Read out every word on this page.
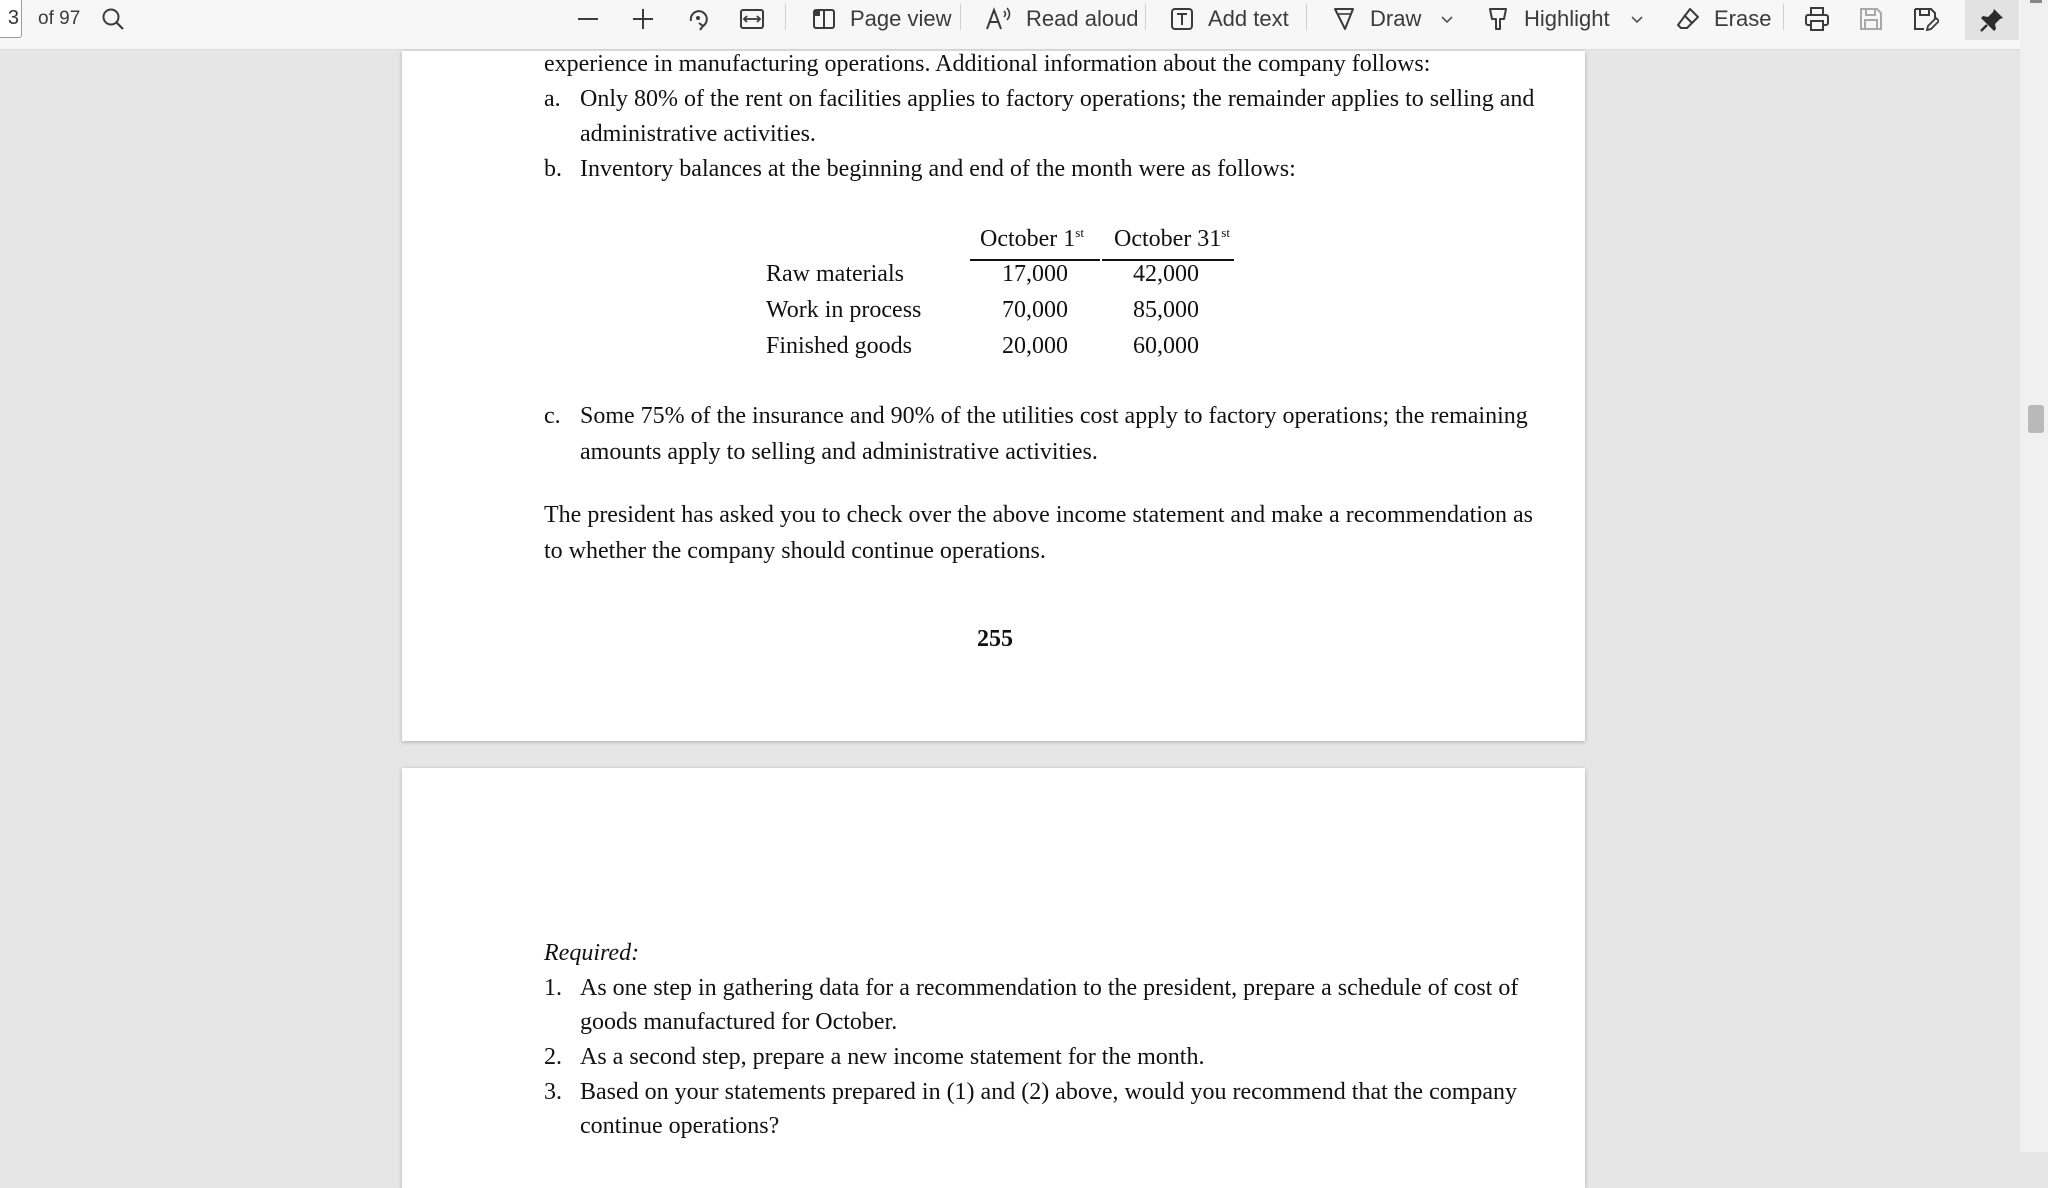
3 of 97	Page view	Read aloud	Add text	Draw	Highlight	Erase
experience in manufacturing operations. Additional information about the company follows:
a. Only 80% of the rent on facilities applies to factory operations; the remainder applies to selling and
administrative activities.
b. Inventory balances at the beginning and end of the month were as follows:
October 1st October 31st
Raw materials	17,000	42,000
Work in process	70,000	85,000
Finished goods	20,000	60,000
c. Some 75% of the insurance and 90% of the utilities cost apply to factory operations; the remaining
amounts apply to selling and administrative activities.
The president has asked you to check over the above income statement and make a recommendation as
to whether the company should continue operations.
255
Required:
1. As one step in gathering data for a recommendation to the president, prepare a schedule of cost of
goods manufactured for October.
2. As a second step, prepare a new income statement for the month.
3. Based on your statements prepared in (1) and (2) above, would you recommend that the company
continue operations?
